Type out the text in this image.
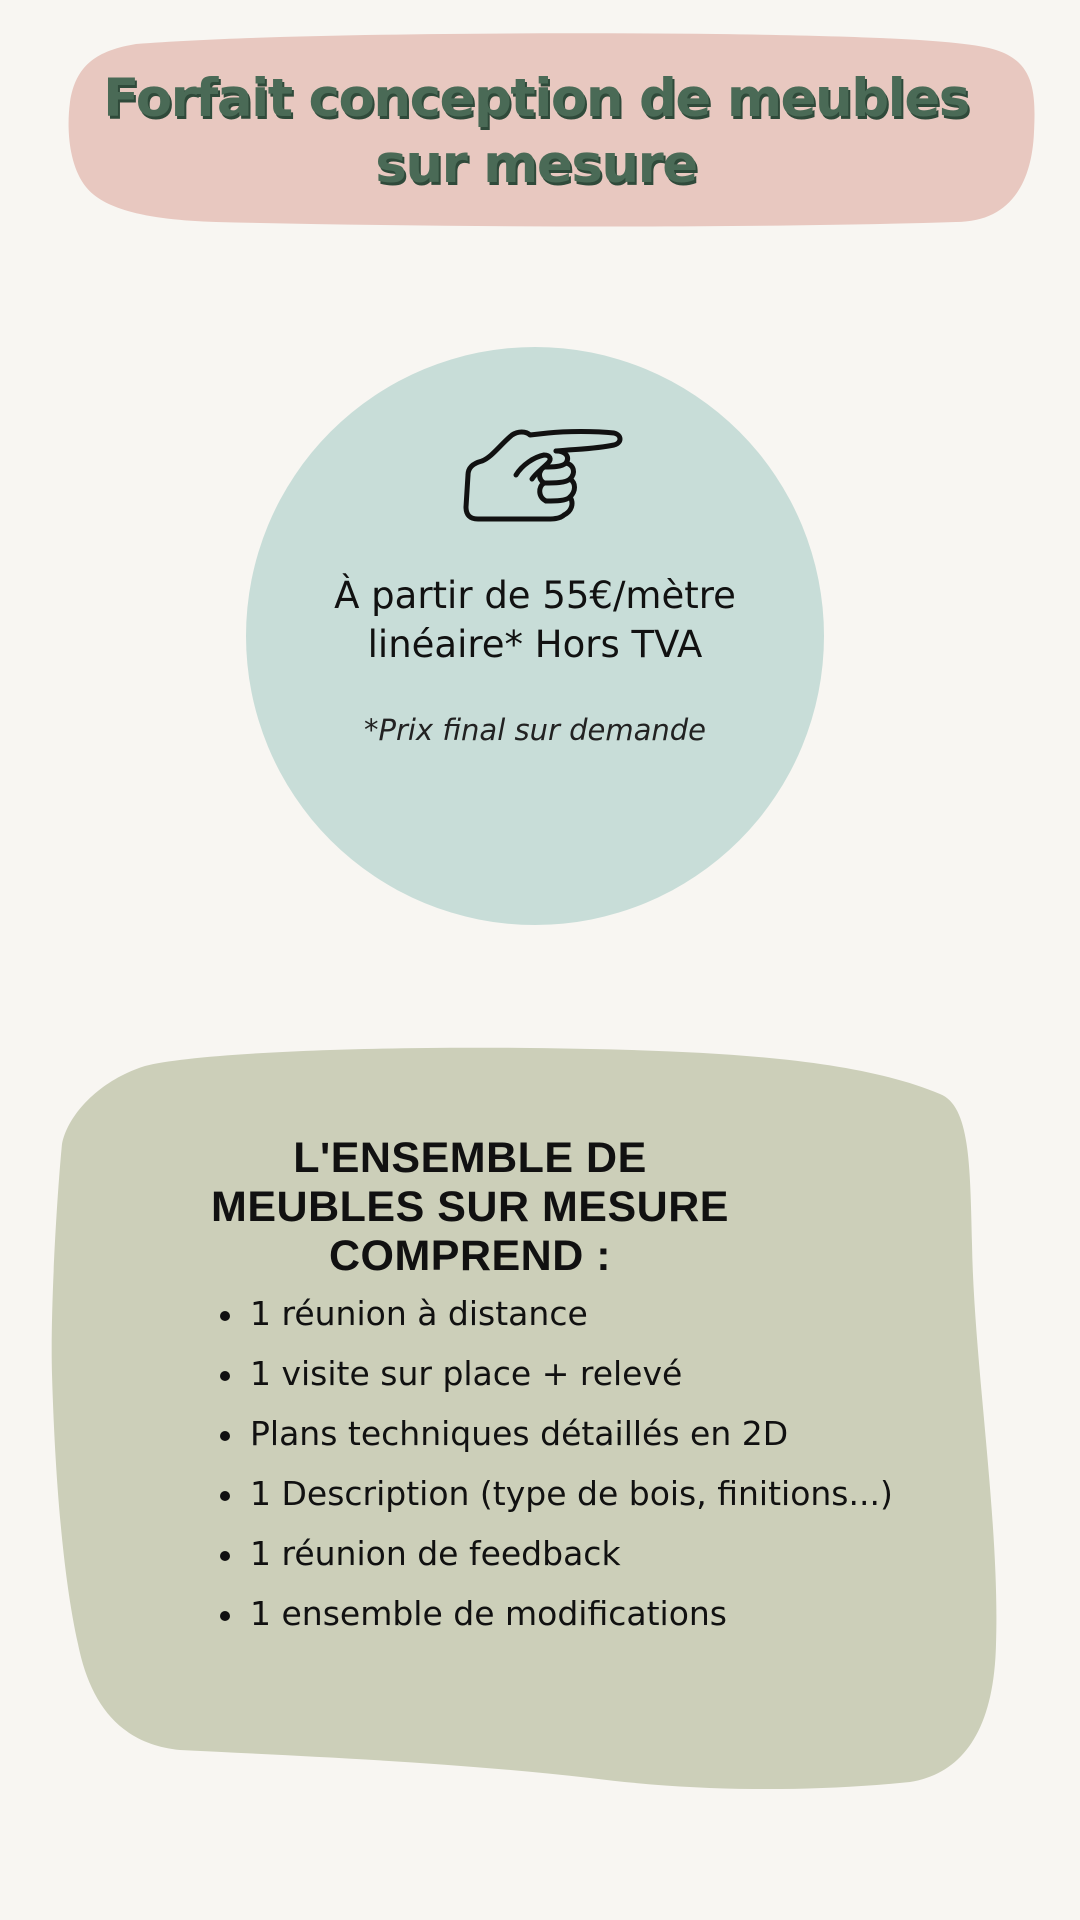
Forfait conception de meubles
sur mesure

À partir de 55€/mètre
linéaire* Hors TVA

*Prix final sur demande

L'ENSEMBLE DE
MEUBLES SUR MESURE
COMPREND :
1 réunion à distance
1 visite sur place + relevé
Plans techniques détaillés en 2D
1 Description (type de bois, finitions...)
1 réunion de feedback
1 ensemble de modifications
